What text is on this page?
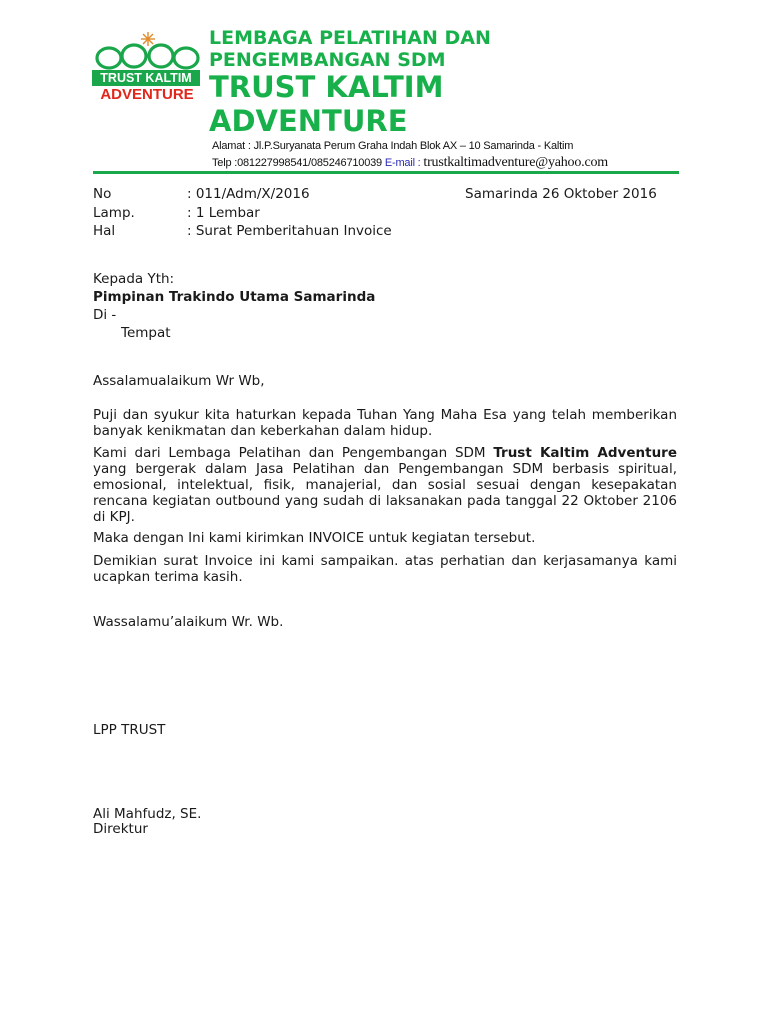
TRUST KALTIM
ADVENTURE
LEMBAGA PELATIHAN DAN
PENGEMBANGAN SDM
TRUST KALTIM
ADVENTURE
Alamat : Jl.P.Suryanata Perum Graha Indah Blok AX – 10 Samarinda - Kaltim
Telp :081227998541/085246710039 E-mail : trustkaltimadventure@yahoo.com
No	: 011/Adm/X/2016	Samarinda 26 Oktober 2016
Lamp.	: 1 Lembar
Hal	: Surat Pemberitahuan Invoice
Kepada Yth:
Pimpinan Trakindo Utama Samarinda
Di -
Tempat
Assalamualaikum Wr Wb,
Puji dan syukur kita haturkan kepada Tuhan Yang Maha Esa yang telah memberikan banyak kenikmatan dan keberkahan dalam hidup.
Kami dari Lembaga Pelatihan dan Pengembangan SDM Trust Kaltim Adventure yang bergerak dalam Jasa Pelatihan dan Pengembangan SDM berbasis spiritual, emosional, intelektual, fisik, manajerial, dan sosial sesuai dengan kesepakatan rencana kegiatan outbound yang sudah di laksanakan pada tanggal 22 Oktober 2106 di KPJ.
Maka dengan Ini kami kirimkan INVOICE untuk kegiatan tersebut.
Demikian surat Invoice ini kami sampaikan. atas perhatian dan kerjasamanya kami ucapkan terima kasih.
Wassalamu’alaikum Wr. Wb.
LPP TRUST
Ali Mahfudz, SE.
Direktur
